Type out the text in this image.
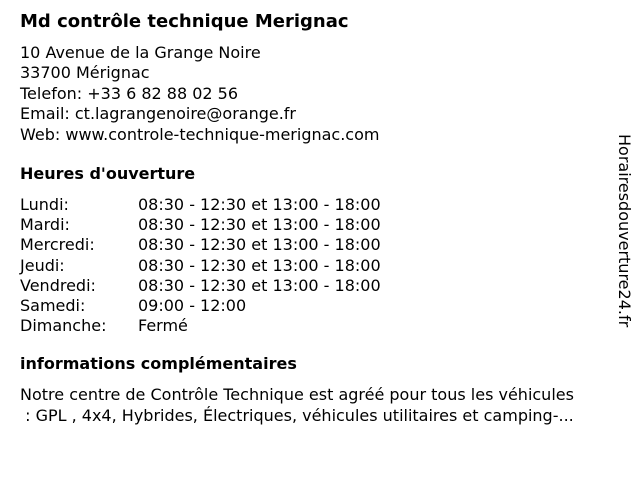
Md contrôle technique Merignac
10 Avenue de la Grange Noire
33700 Mérignac
Telefon: +33 6 82 88 02 56
Email: ct.lagrangenoire@orange.fr
Web: www.controle-technique-merignac.com
Heures d'ouverture
Lundi:	08:30 - 12:30 et 13:00 - 18:00
Mardi:	08:30 - 12:30 et 13:00 - 18:00
Mercredi:	08:30 - 12:30 et 13:00 - 18:00
Jeudi:	08:30 - 12:30 et 13:00 - 18:00
Vendredi:	08:30 - 12:30 et 13:00 - 18:00
Samedi:	09:00 - 12:00
Dimanche:	Fermé
informations complémentaires
Notre centre de Contrôle Technique est agréé pour tous les véhicules
: GPL , 4x4, Hybrides, Électriques, véhicules utilitaires et camping-...
Horairesdouverture24.fr
